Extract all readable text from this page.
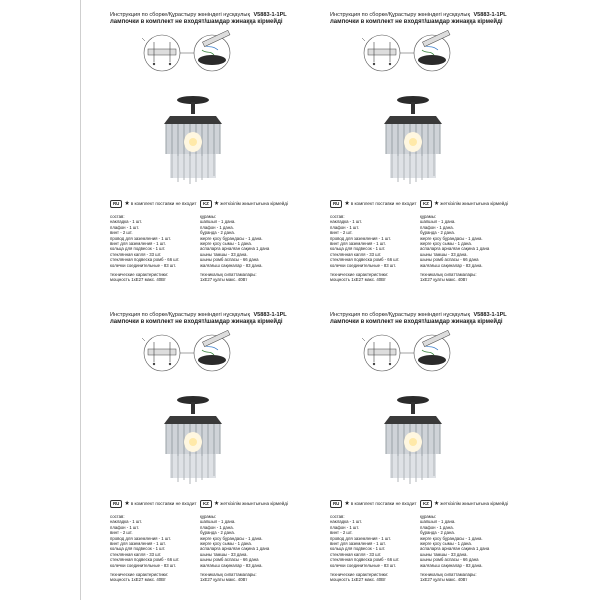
Инструкция по сборке/Құрастыру жөніндегі нұсқаулық V5883-1-1PL
лампочки в комплект не входят/шамдар жинаққа кірмейді
RU ★в комплект поставки не входит	KZ ★жеткізілім жиынтығына кірмейді
состав:
накладка - 1 шт.
плафон - 1 шт.
винт - 2 шт.
провод для заземления - 1 шт.
винт для заземления - 1 шт.
кольца для подвесок - 1 шт.
стеклянная капля - 33 шт.
стеклянная подвеска ромб - 66 шт.
колечки соединительные - 83 шт.
технические характеристики:
мощность 1хЕ27 макс. 40Вт
құрамы:
шапшыл - 1 дана.
плафон - 1 дана.
бұранда - 2 дана.
жерге қосу бұрандасы - 1 дана.
жерге қосу сымы - 1 дана.
аспаларға арналған сақина 1 дана
шыны тамшы - 33 дана.
шыны ромб аспасы - 66 дана
жалғағыш сақиналар - 83 дана.
техникалық сипаттамалары:
1хЕ27 қуаты макс. 40Вт
Инструкция по сборке/Құрастыру жөніндегі нұсқаулық V5883-1-1PL
лампочки в комплект не входят/шамдар жинаққа кірмейді
RU ★в комплект поставки не входит	KZ ★жеткізілім жиынтығына кірмейді
состав:
накладка - 1 шт.
плафон - 1 шт.
винт - 2 шт.
провод для заземления - 1 шт.
винт для заземления - 1 шт.
кольца для подвесок - 1 шт.
стеклянная капля - 33 шт.
стеклянная подвеска ромб - 66 шт.
колечки соединительные - 83 шт.
технические характеристики:
мощность 1хЕ27 макс. 40Вт
құрамы:
шапшыл - 1 дана.
плафон - 1 дана.
бұранда - 2 дана.
жерге қосу бұрандасы - 1 дана.
жерге қосу сымы - 1 дана.
аспаларға арналған сақина 1 дана
шыны тамшы - 33 дана.
шыны ромб аспасы - 66 дана
жалғағыш сақиналар - 83 дана.
техникалық сипаттамалары:
1хЕ27 қуаты макс. 40Вт
Инструкция по сборке/Құрастыру жөніндегі нұсқаулық V5883-1-1PL
лампочки в комплект не входят/шамдар жинаққа кірмейді
RU ★в комплект поставки не входит	KZ ★жеткізілім жиынтығына кірмейді
состав:
накладка - 1 шт.
плафон - 1 шт.
винт - 2 шт.
провод для заземления - 1 шт.
винт для заземления - 1 шт.
кольца для подвесок - 1 шт.
стеклянная капля - 33 шт.
стеклянная подвеска ромб - 66 шт.
колечки соединительные - 83 шт.
технические характеристики:
мощность 1хЕ27 макс. 40Вт
құрамы:
шапшыл - 1 дана.
плафон - 1 дана.
бұранда - 2 дана.
жерге қосу бұрандасы - 1 дана.
жерге қосу сымы - 1 дана.
аспаларға арналған сақина 1 дана
шыны тамшы - 33 дана.
шыны ромб аспасы - 66 дана
жалғағыш сақиналар - 83 дана.
техникалық сипаттамалары:
1хЕ27 қуаты макс. 40Вт
Инструкция по сборке/Құрастыру жөніндегі нұсқаулық V5883-1-1PL
лампочки в комплект не входят/шамдар жинаққа кірмейді
RU ★в комплект поставки не входит	KZ ★жеткізілім жиынтығына кірмейді
состав:
накладка - 1 шт.
плафон - 1 шт.
винт - 2 шт.
провод для заземления - 1 шт.
винт для заземления - 1 шт.
кольца для подвесок - 1 шт.
стеклянная капля - 33 шт.
стеклянная подвеска ромб - 66 шт.
колечки соединительные - 83 шт.
технические характеристики:
мощность 1хЕ27 макс. 40Вт
құрамы:
шапшыл - 1 дана.
плафон - 1 дана.
бұранда - 2 дана.
жерге қосу бұрандасы - 1 дана.
жерге қосу сымы - 1 дана.
аспаларға арналған сақина 1 дана
шыны тамшы - 33 дана.
шыны ромб аспасы - 66 дана
жалғағыш сақиналар - 83 дана.
техникалық сипаттамалары:
1хЕ27 қуаты макс. 40Вт
